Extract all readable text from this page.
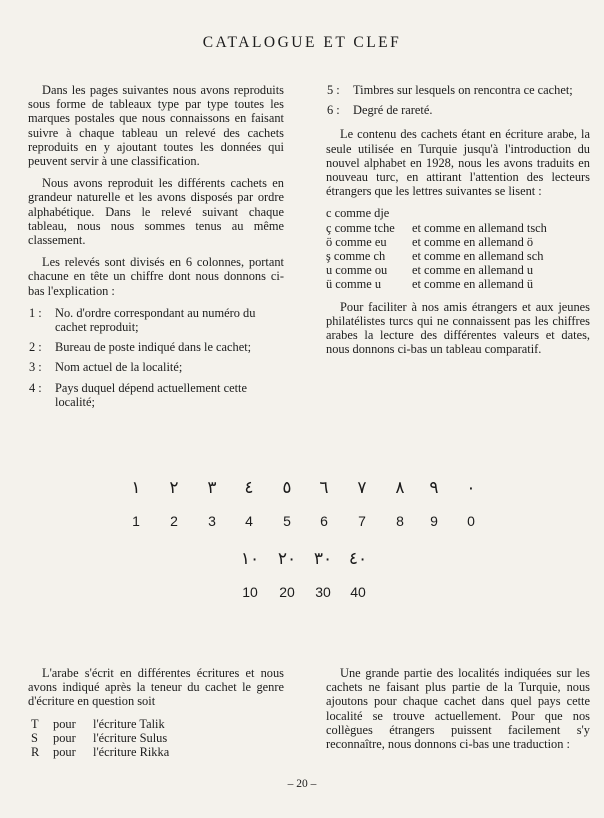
CATALOGUE ET CLEF

Dans les pages suivantes nous avons reproduits sous forme de tableaux type par type toutes les marques postales que nous connaissons en faisant suivre à chaque tableau un relevé des cachets reproduits en y ajoutant toutes les données qui peuvent servir à une classification.

Nous avons reproduit les différents cachets en grandeur naturelle et les avons disposés par ordre alphabétique. Dans le relevé suivant chaque tableau, nous nous sommes tenus au même classement.

Les relevés sont divisés en 6 colonnes, portant chacune en tête un chiffre dont nous donnons ci-bas l'explication :

1 :	No. d'ordre correspondant au numéro du cachet reproduit;
2 :	Bureau de poste indiqué dans le cachet;
3 :	Nom actuel de la localité;
4 :	Pays duquel dépend actuellement cette localité;
5 :	Timbres sur lesquels on rencontra ce cachet;
6 :	Degré de rareté.

Le contenu des cachets étant en écriture arabe, la seule utilisée en Turquie jusqu'à l'introduction du nouvel alphabet en 1928, nous les avons traduits en nouveau turc, en attirant l'attention des lecteurs étrangers que les lettres suivantes se lisent :

c comme dje
ç comme tche	et comme en allemand tsch
ö comme eu	et comme en allemand ö
ş comme ch	et comme en allemand sch
u comme ou	et comme en allemand u
ü comme u	et comme en allemand ü

Pour faciliter à nos amis étrangers et aux jeunes philatélistes turcs qui ne connaissent pas les chiffres arabes la lecture des différentes valeurs et dates, nous donnons ci-bas un tableau comparatif.

١ ٢ ٣ ٤ ٥ ٦ ٧ ٨ ٩ ٠
1 2 3 4 5 6 7 8 9 0
١٠ ٢٠ ٣٠ ٤٠
10 20 30 40

L'arabe s'écrit en différentes écritures et nous avons indiqué après la teneur du cachet le genre d'écriture en question soit

T	pour	l'écriture Talik
S	pour	l'écriture Sulus
R	pour	l'écriture Rikka

Une grande partie des localités indiquées sur les cachets ne faisant plus partie de la Turquie, nous ajoutons pour chaque cachet dans quel pays cette localité se trouve actuellement. Pour que nos collègues étrangers puissent facilement s'y reconnaître, nous donnons ci-bas une traduction :

– 20 –
